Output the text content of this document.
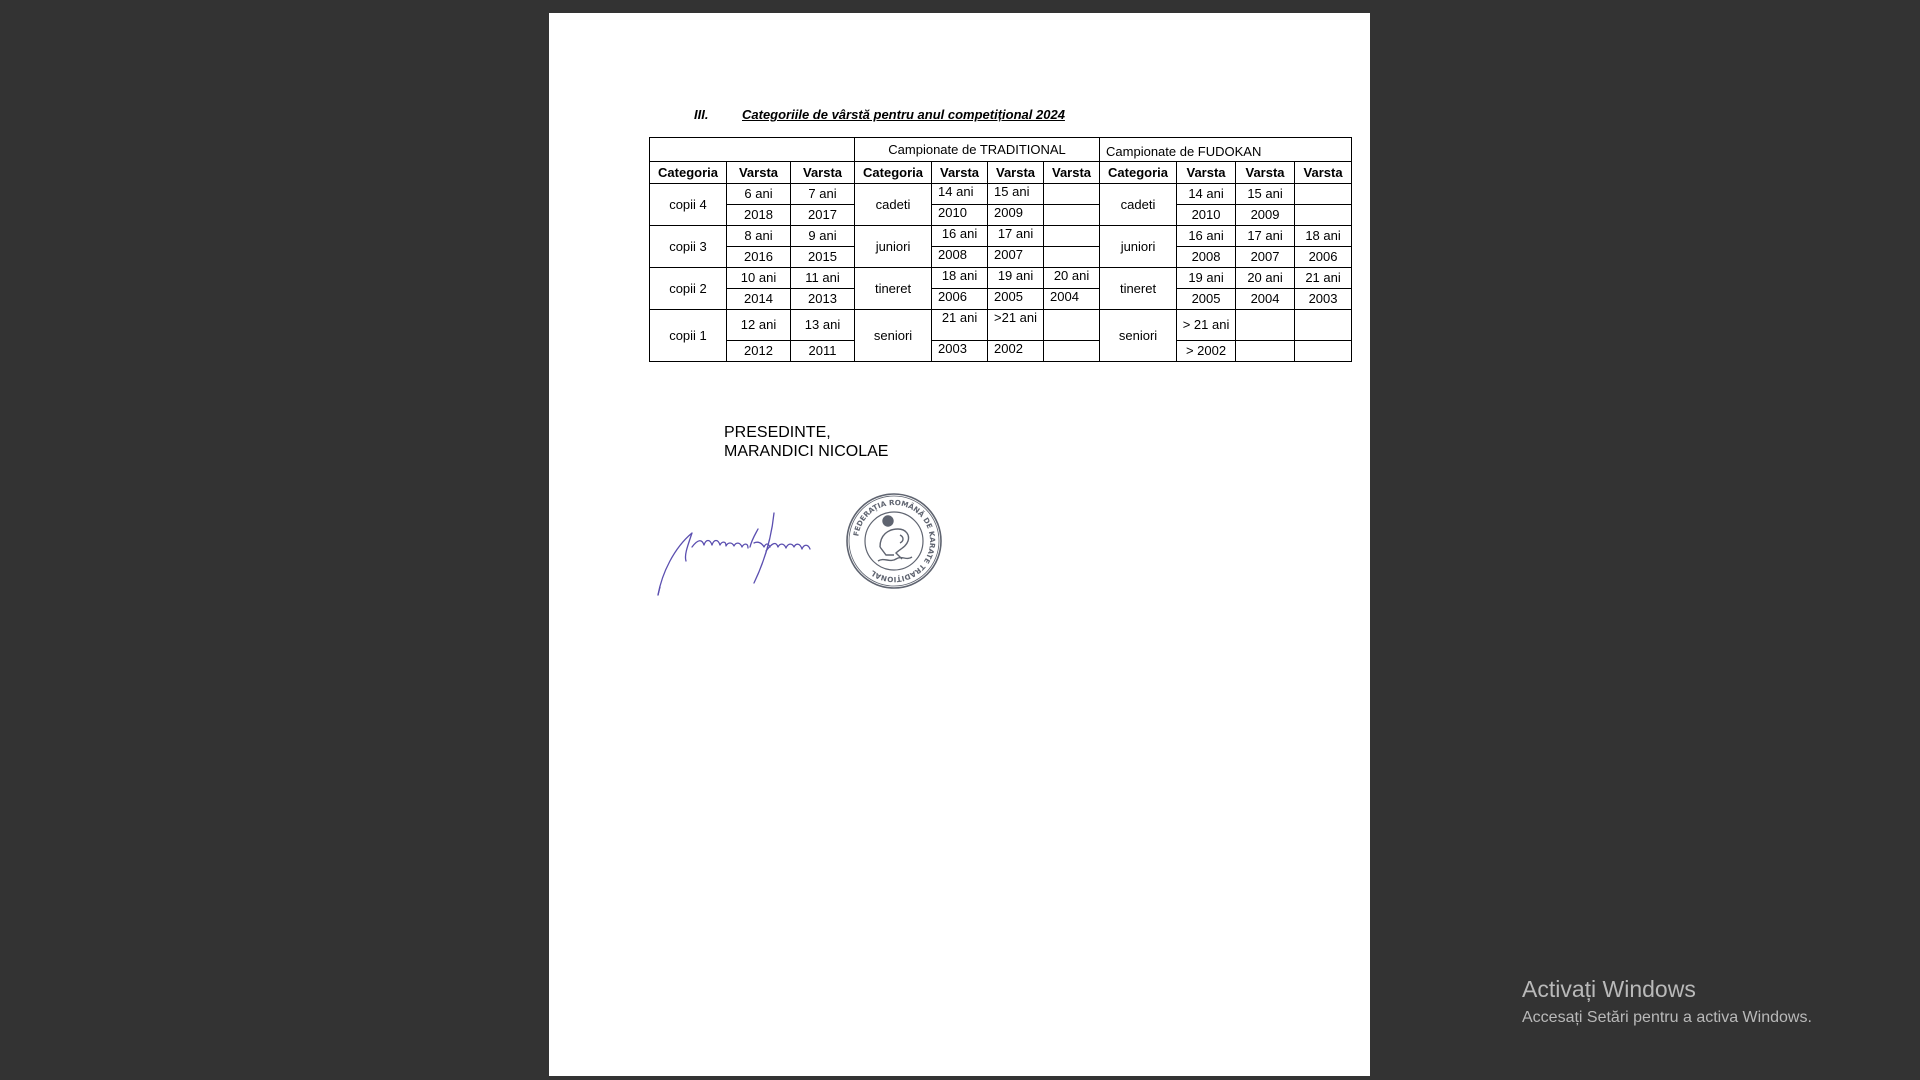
III.	Categoriile de vârstă pentru anul competițional 2024
			Campionate de TRADITIONAL				Campionate de FUDOKAN			
Categoria	Varsta	Varsta	Categoria	Varsta	Varsta	Varsta	Categoria	Varsta	Varsta	Varsta
copii 4	6 ani	7 ani	cadeti	14 ani	15 ani		cadeti	14 ani	15 ani	
	2018	2017		2010	2009			2010	2009	
copii 3	8 ani	9 ani	juniori	16 ani	17 ani		juniori	16 ani	17 ani	18 ani
	2016	2015		2008	2007			2008	2007	2006
copii 2	10 ani	11 ani	tineret	18 ani	19 ani	20 ani	tineret	19 ani	20 ani	21 ani
	2014	2013		2006	2005	2004		2005	2004	2003
copii 1	12 ani	13 ani	seniori	21 ani	>21 ani		seniori	> 21 ani		
	2012	2011		2003	2002			> 2002		
PRESEDINTE,
MARANDICI NICOLAE
FEDERAȚIA ROMÂNĂ DE KARATE TRADIȚIONAL
Activați Windows
Accesați Setări pentru a activa Windows.
